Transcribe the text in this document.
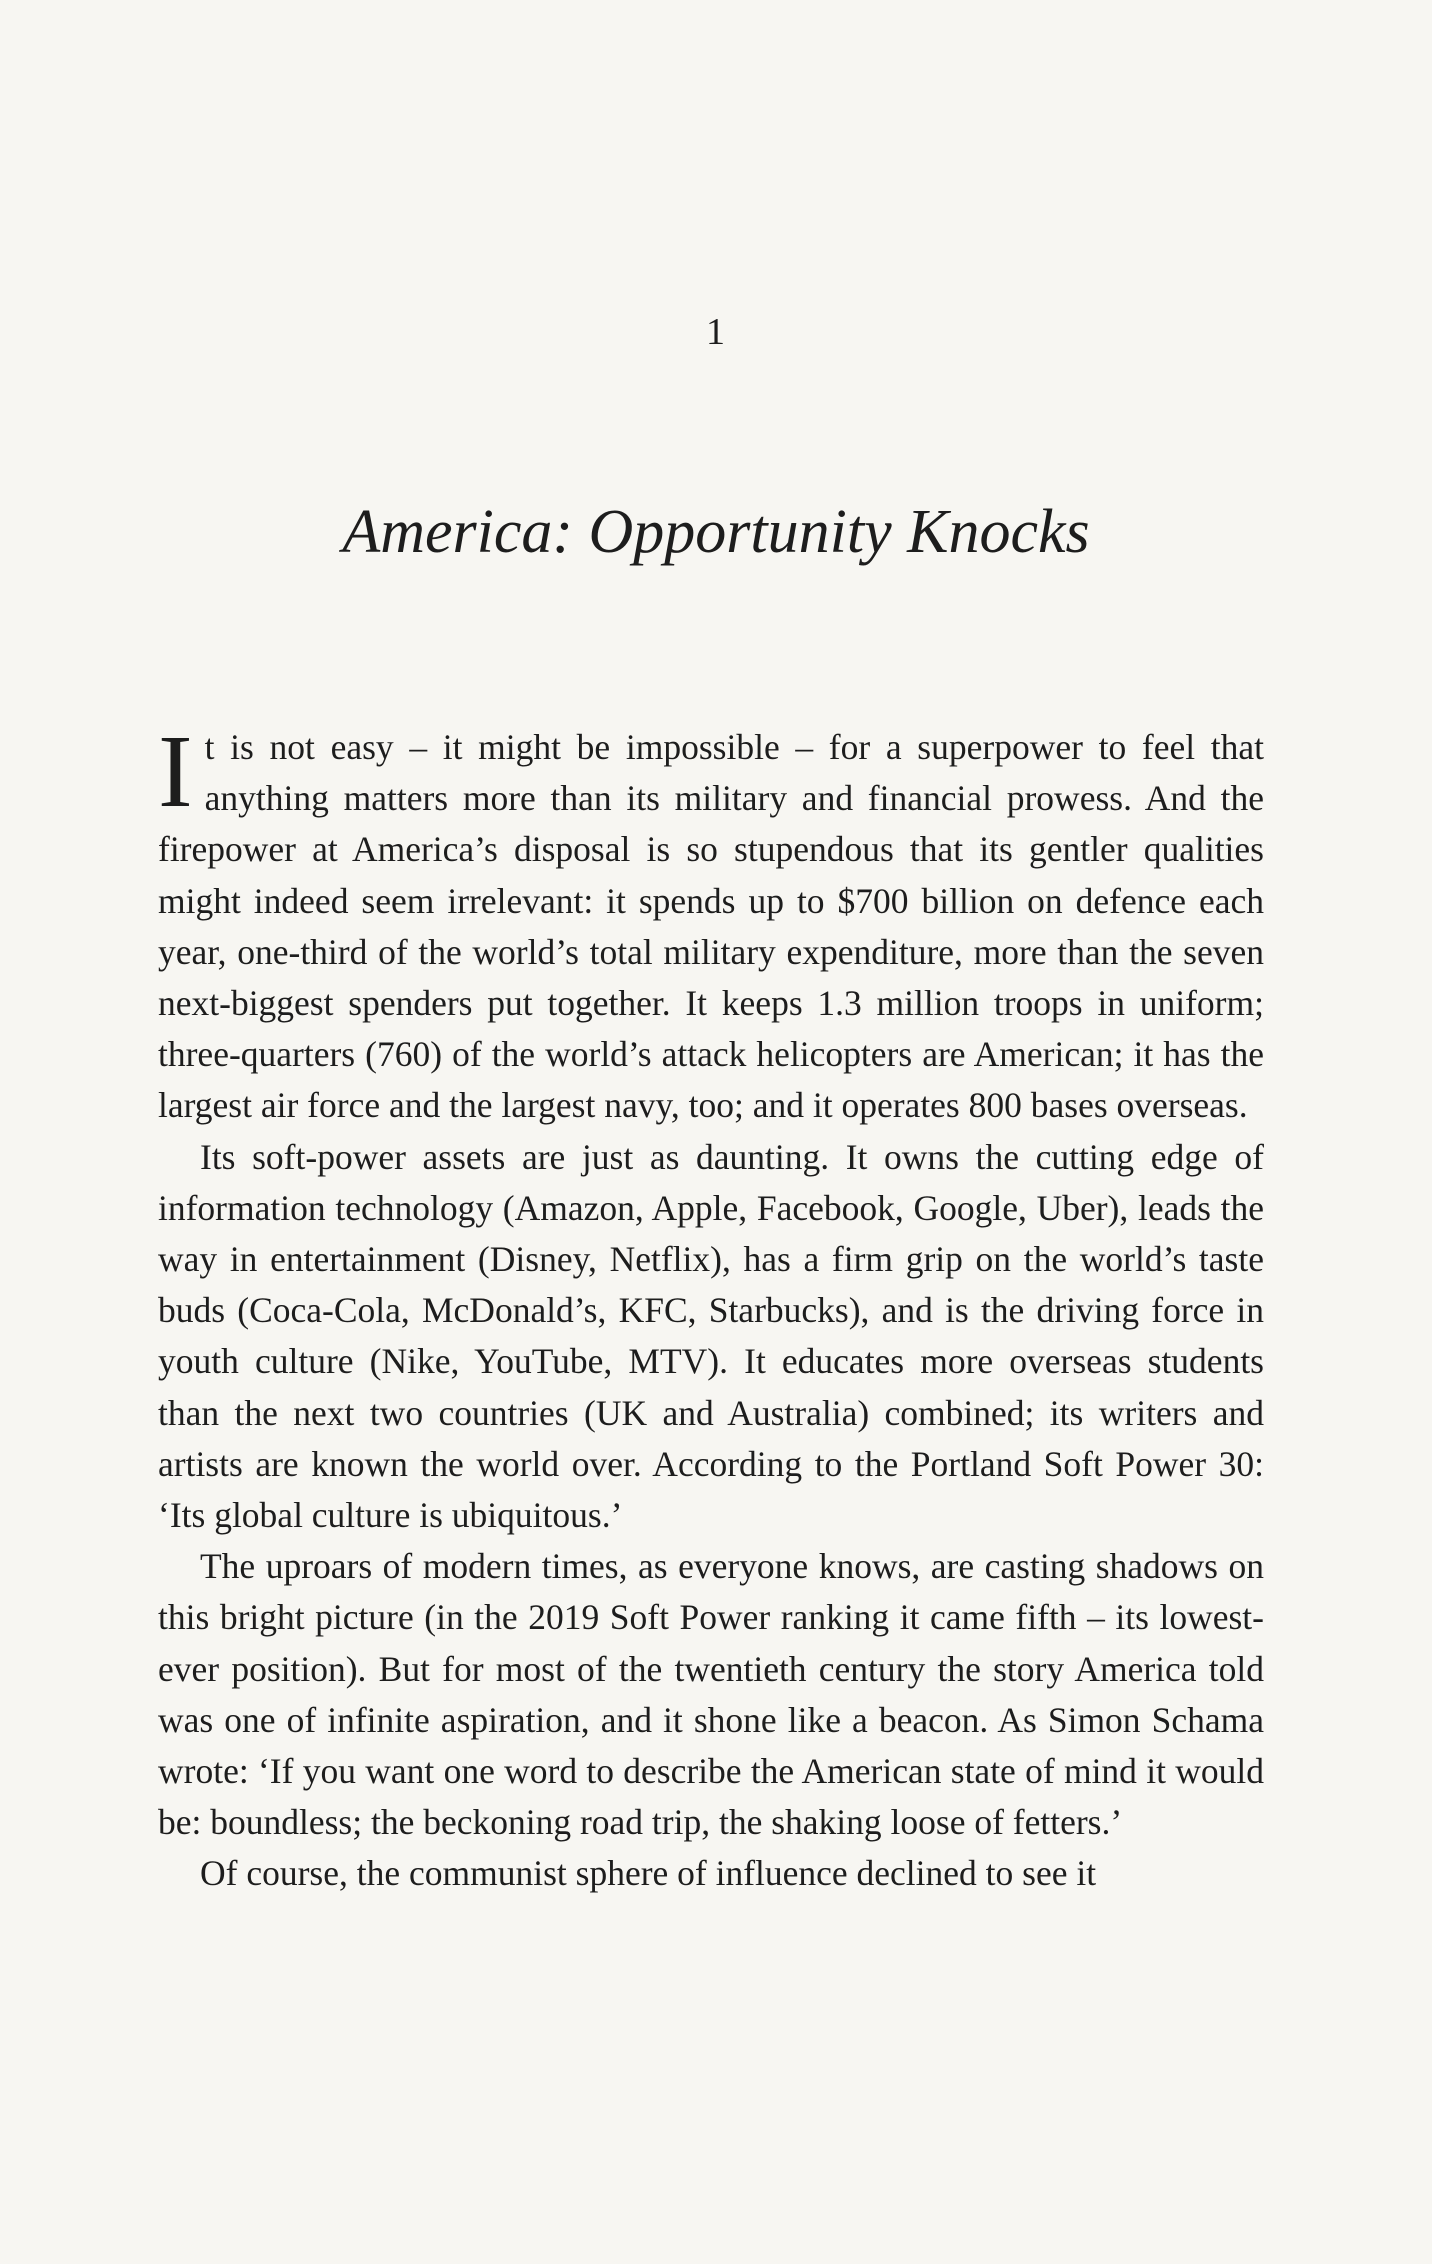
1
America: Opportunity Knocks

It is not easy – it might be impossible – for a superpower to feel that anything matters more than its military and financial prowess. And the firepower at America’s disposal is so stupendous that its gentler qualities might indeed seem irrelevant: it spends up to $700 billion on defence each year, one-third of the world’s total military expenditure, more than the seven next-biggest spenders put together. It keeps 1.3 million troops in uniform; three-quarters (760) of the world’s attack helicopters are American; it has the largest air force and the largest navy, too; and it operates 800 bases overseas.

Its soft-power assets are just as daunting. It owns the cutting edge of information technology (Amazon, Apple, Facebook, Google, Uber), leads the way in entertainment (Disney, Netflix), has a firm grip on the world’s taste buds (Coca-Cola, McDonald’s, KFC, Starbucks), and is the driving force in youth culture (Nike, YouTube, MTV). It educates more overseas students than the next two countries (UK and Australia) combined; its writers and artists are known the world over. According to the Portland Soft Power 30: ‘Its global culture is ubiquitous.’

The uproars of modern times, as everyone knows, are casting shadows on this bright picture (in the 2019 Soft Power ranking it came fifth – its lowest-ever position). But for most of the twentieth century the story America told was one of infinite aspiration, and it shone like a beacon. As Simon Schama wrote: ‘If you want one word to describe the American state of mind it would be: boundless; the beckoning road trip, the shaking loose of fetters.’

Of course, the communist sphere of influence declined to see it
